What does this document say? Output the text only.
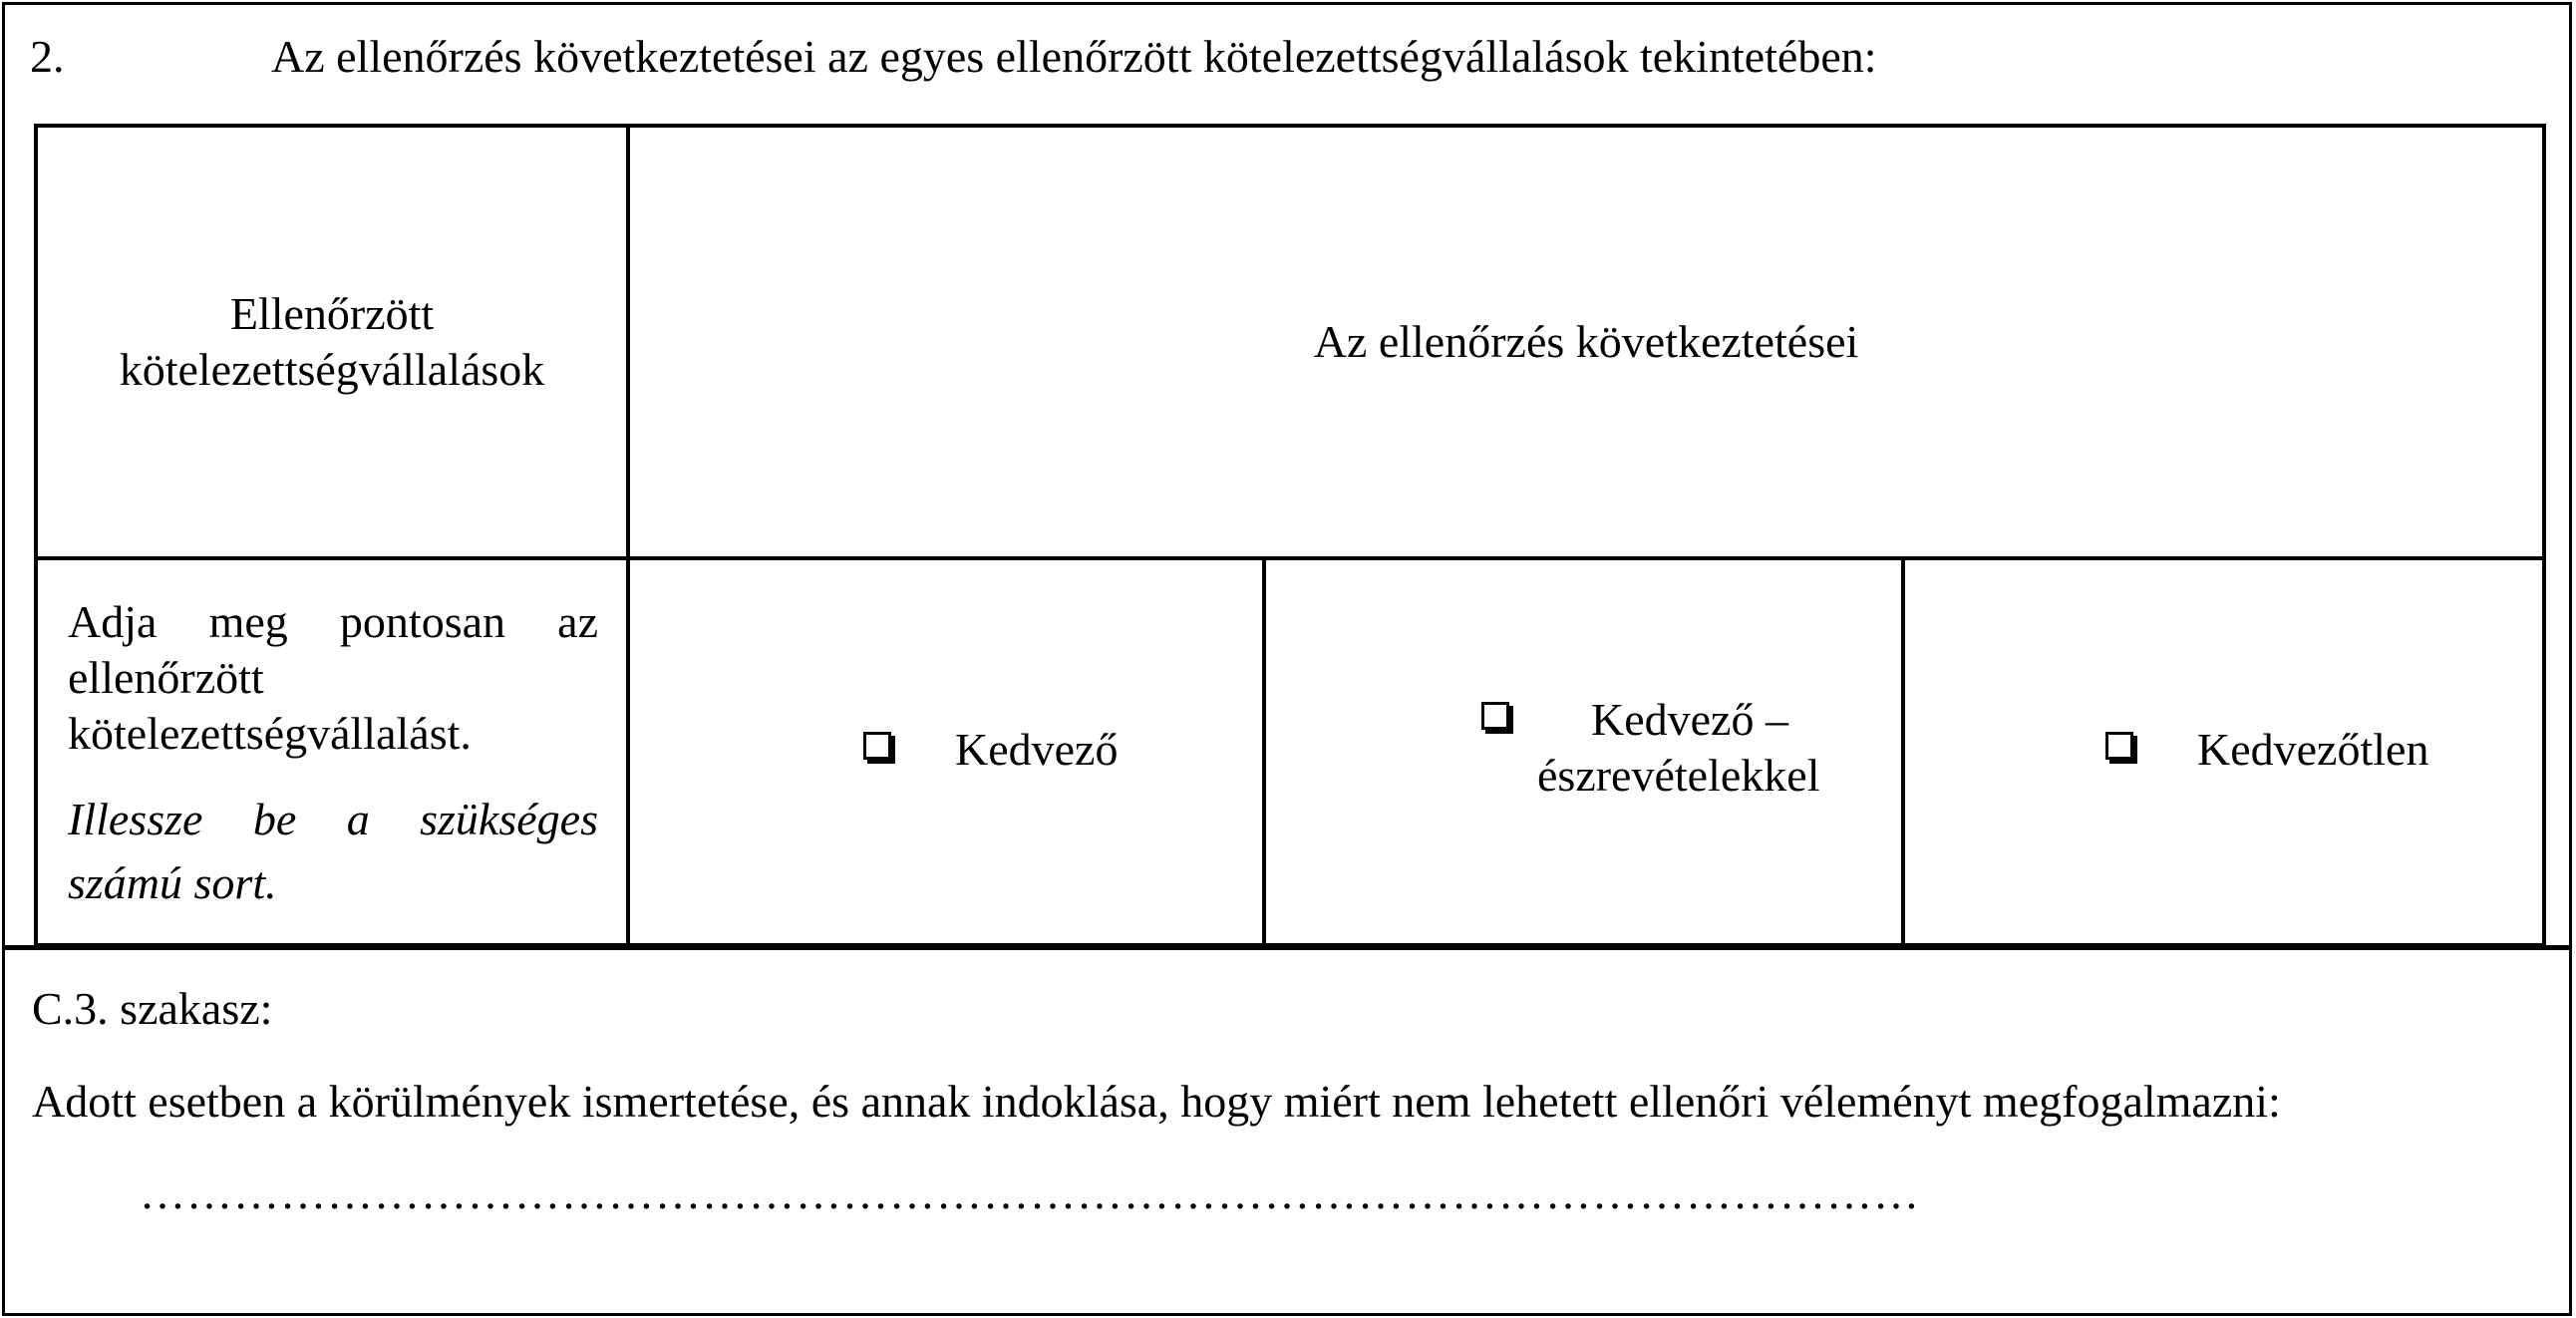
2.	Az ellenőrzés következtetései az egyes ellenőrzött kötelezettségvállalások tekintetében:
Ellenőrzött
kötelezettségvállalások
Az ellenőrzés következtetései
Adja meg pontosan az
ellenőrzött
kötelezettségvállalást.
Illessze be a szükséges
számú sort.
Kedvező
Kedvező –
észrevételekkel
Kedvezőtlen
C.3. szakasz:
Adott esetben a körülmények ismertetése, és annak indoklása, hogy miért nem lehetett ellenőri véleményt megfogalmazni:
……………………………………………………………………………………………………
